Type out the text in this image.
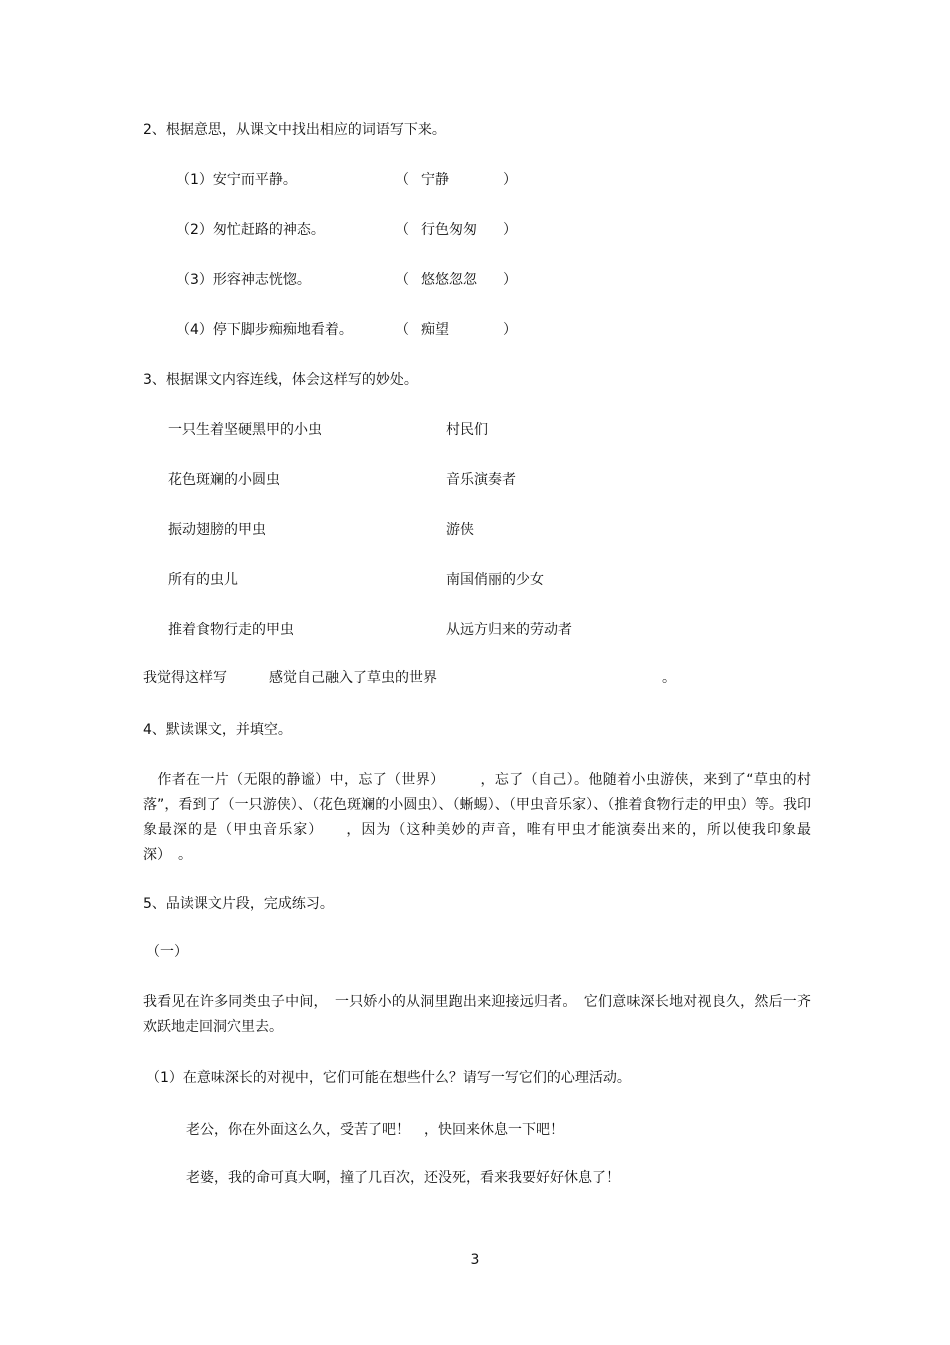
2、根据意思，从课文中找出相应的词语写下来。
（1）安宁而平静。	（ 宁静	）
（2）匆忙赶路的神态。	（ 行色匆匆 ）
（3）形容神志恍惚。	（ 悠悠忽忽 ）
（4）停下脚步痴痴地看着。	（ 痴望	）
3、根据课文内容连线，体会这样写的妙处。
一只生着坚硬黑甲的小虫	村民们
花色斑斓的小圆虫	音乐演奏者
振动翅膀的甲虫	游侠
所有的虫儿	南国俏丽的少女
推着食物行走的甲虫	从远方归来的劳动者
我觉得这样写	感觉自己融入了草虫的世界	。
4、默读课文，并填空。
　作者在一片（无限的静谧）中，忘了（世界）　　　，忘了（自己）。他随着小虫游侠，来到了“草虫的村落”，看到了（一只游侠）、（花色斑斓的小圆虫）、（蜥蜴）、（甲虫音乐家）、（推着食物行走的甲虫）等。我印象最深的是（甲虫音乐家）　　，因为（这种美妙的声音，唯有甲虫才能演奏出来的，所以使我印象最深）　。
5、品读课文片段，完成练习。
（一）
我看见在许多同类虫子中间，　一只娇小的从洞里跑出来迎接远归者。　它们意味深长地对视良久，然后一齐欢跃地走回洞穴里去。
（1）在意味深长的对视中，它们可能在想些什么？请写一写它们的心理活动。
老公，你在外面这么久，受苦了吧！　，快回来休息一下吧！
老婆，我的命可真大啊，撞了几百次，还没死，看来我要好好休息了！
3
